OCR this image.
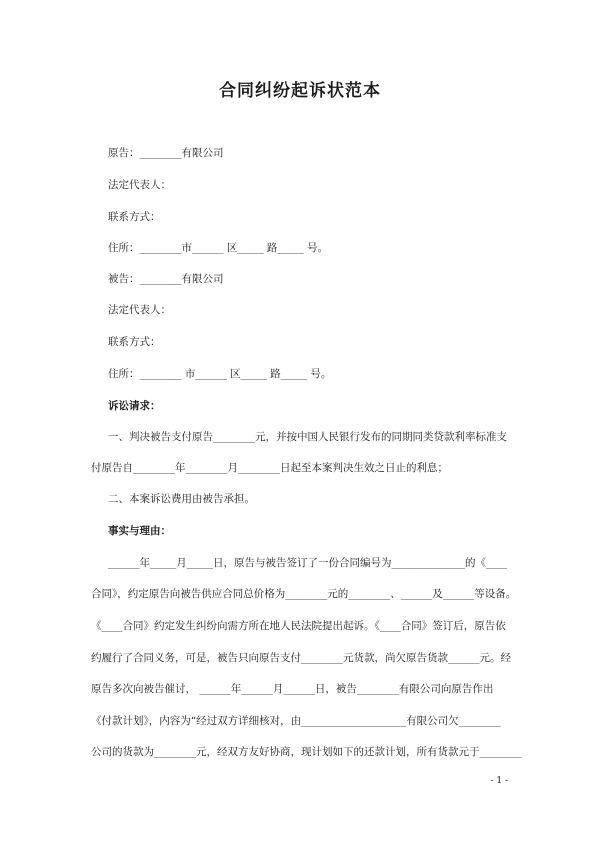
合同纠纷起诉状范本
原告：________有限公司
法定代表人：
联系方式：
住所：________市______ 区_____ 路_____ 号。
被告：________有限公司
法定代表人：
联系方式：
住所：________ 市______ 区_____ 路_____ 号。
诉讼请求：
一、判决被告支付原告________元，并按中国人民银行发布的同期同类贷款利率标准支
付原告自________年________月________日起至本案判决生效之日止的利息；
二、本案诉讼费用由被告承担。
事实与理由：
______年_____月_____日，原告与被告签订了一份合同编号为______________的《____
合同》，约定原告向被告供应合同总价格为________元的________、______及______等设备。
《____合同》约定发生纠纷向需方所在地人民法院提出起诉。《____合同》签订后，原告依
约履行了合同义务，可是，被告只向原告支付________元货款，尚欠原告货款______元。经
原告多次向被告催讨， ______年______月______日，被告________有限公司向原告作出
《付款计划》，内容为“经过双方详细核对，由____________________有限公司欠________
公司的货款为________元，经双方友好协商，现计划如下的还款计划，所有货款元于________
- 1 -
